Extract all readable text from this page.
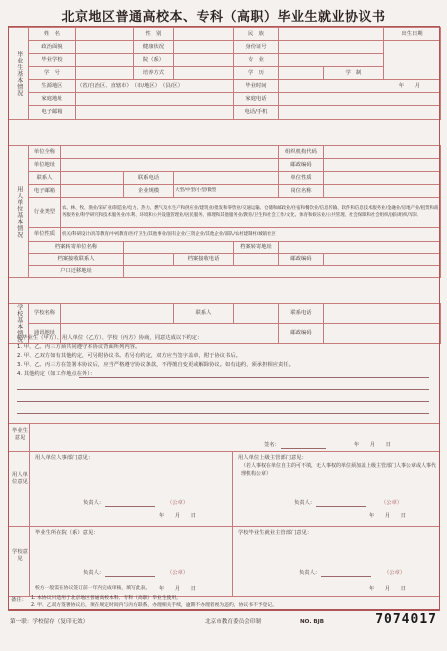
北京地区普通高校本、专科（高职）毕业生就业协议书
毕业生基本情况	姓　名		性　别		民　族			出生日期
	政治面貌		健康状况		身份证号			
	毕业学校		院（系）		专　业			
	学　号		培养方式		学　历		学　制	
	生源地区	（省/自治区、直辖市）　（市/地区）　（县/区）			毕业时间	年　　月		
	家庭地址				家庭电话			
	电子邮箱				电话/手机			
用人单位基本情况	单位全称					组织机构代码	
	单位地址					邮政编码	
	联系人		联系电话			单位性质	
	电子邮箱		企业规模	大型/中型/小型/微型		岗位名称	
	行业类型	农、林、牧、渔业/采矿业/制造业/电力、热力、燃气及水生产和供应业/建筑业/批发和零售业/交通运输、仓储和邮政业/住宿和餐饮业/信息传输、软件和信息技术服务业/金融业/房地产业/租赁和商务服务业/科学研究和技术服务业/水利、环境和公共设施管理业/居民服务、修理和其他服务业/教育/卫生和社会工作/文化、体育和娱乐业/公共管理、社会保障和社会组织/国际组织/军队					
	单位性质	机关/科研设计/高等教育/中初教育/医疗卫生/其他事业/国有企业/三资企业/其他企业/部队/农村建制村/城镇社区					
	档案转寄单位名称				档案转寄地址		
	档案接收联系人			档案接收电话		邮政编码	
	户口迁移地址						
学校基本情况	学校名称		联系人		联系电话	
	通讯地址				邮政编码	
经毕业生（甲方）、用人单位（乙方）、学校（丙方）协商，同意达成以下约定：
1. 甲、乙、丙三方须共同遵守本协议背面所列内容。
2. 甲、乙双方如有其他约定，可另附协议书。若另有约定，双方应当签字盖章，附于协议书后。
3. 甲、乙、丙三方在签署本协议后，应当严格遵守协议条款，不得擅自变更或解除协议。如有违约，须承担相应责任。
4. 其他约定（如工作地点在外）：
毕业生意见
签名：	年　　月　　日
用人单位意见
用人单位人事部门意见：
负责人：	（公章）
年　　月　　日
用人单位上级主管部门意见：
（若人事权在单位自主的可不填，无人事权的单位须加盖上级主管部门人事公章或人事代理机构公章）
负责人：	（公章）
年　　月　　日
学校意见
毕业生所在院（系）意见：
负责人：	（公章）
校方一般需在协议签订前一年内完成审核，填写此表。 年　　月　　日
学校毕业生就业主管部门意见：
负责人：	（公章）
年　　月　　日
备注： 1. 本协议只适用于北京地区普通高校本科、专科（高职）毕业生使用。
2. 甲、乙双方签署协议后，须在规定时间内与丙方联系，办理相关手续，逾期不办理者视为违约，协议书不予登记。
第一联：学校留存（复印无效）	北京市教育委员会印制	NO. BJB	7074017
